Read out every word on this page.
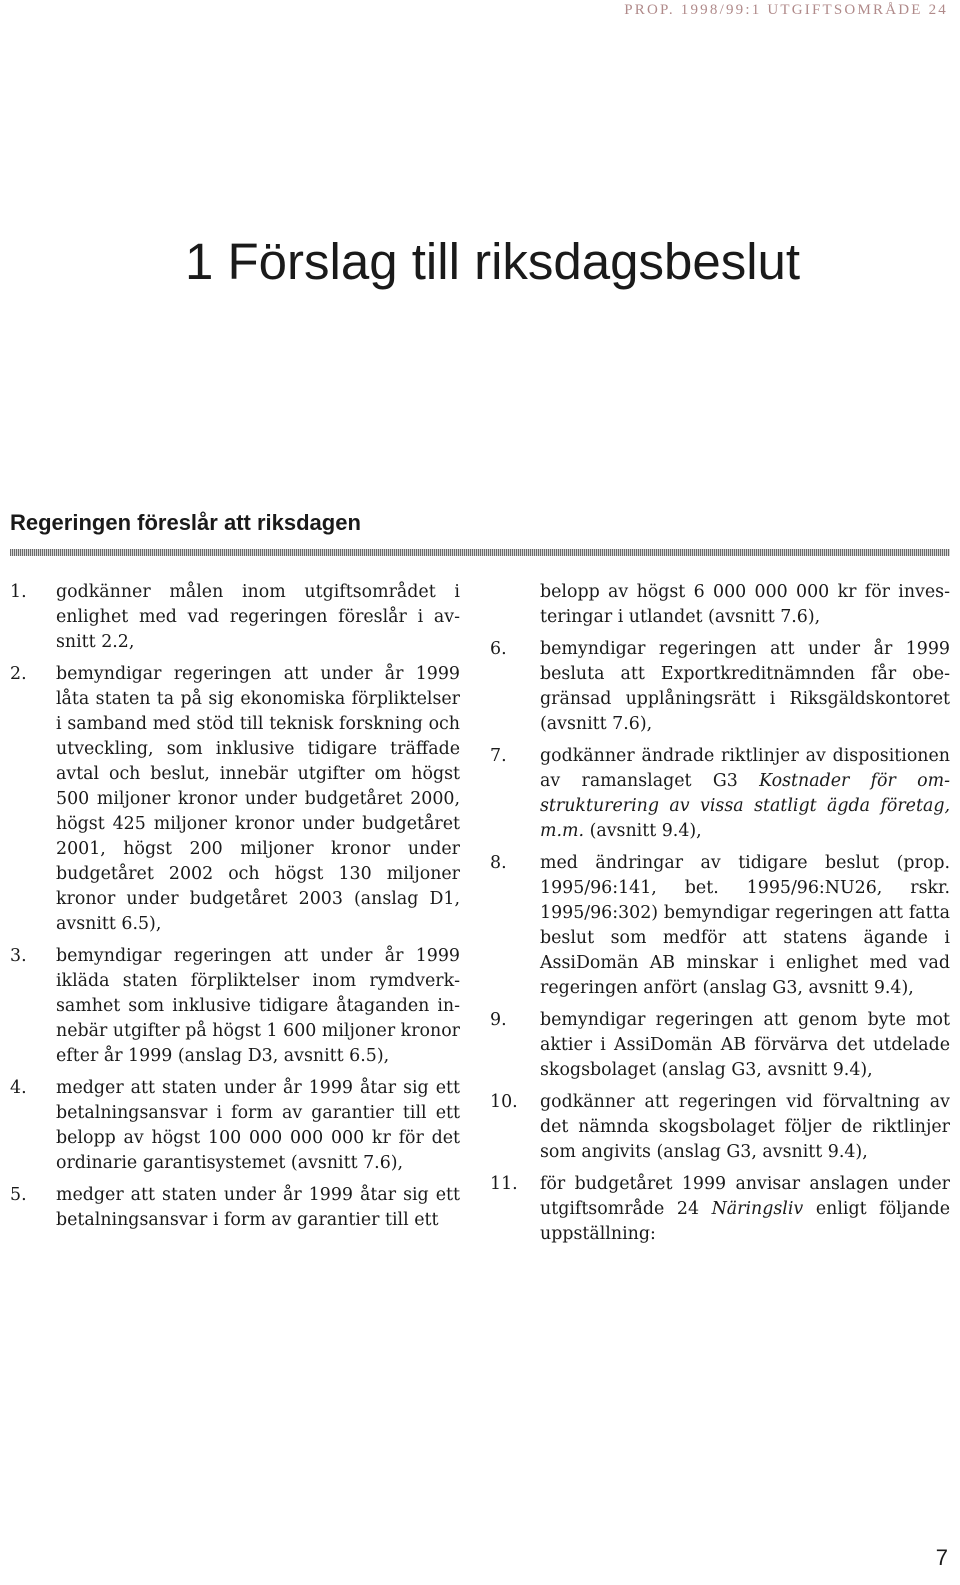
PROP. 1998/99:1 UTGIFTSOMRÅDE 24
1 Förslag till riksdagsbeslut
Regeringen föreslår att riksdagen
1. godkänner målen inom utgiftsområdet i enlighet med vad regeringen föreslår i avsnitt 2.2,
2. bemyndigar regeringen att under år 1999 låta staten ta på sig ekonomiska förpliktelser i samband med stöd till teknisk forskning och utveckling, som inklusive tidigare träffade avtal och beslut, innebär utgifter om högst 500 miljoner kronor under budgetåret 2000, högst 425 miljoner kronor under budgetåret 2001, högst 200 miljoner kronor under budgetåret 2002 och högst 130 miljoner kronor under budgetåret 2003 (anslag D1, avsnitt 6.5),
3. bemyndigar regeringen att under år 1999 ikläda staten förpliktelser inom rymdverksamhet som inklusive tidigare åtaganden innebär utgifter på högst 1 600 miljoner kronor efter år 1999 (anslag D3, avsnitt 6.5),
4. medger att staten under år 1999 åtar sig ett betalningsansvar i form av garantier till ett belopp av högst 100 000 000 000 kr för det ordinarie garantisystemet (avsnitt 7.6),
5. medger att staten under år 1999 åtar sig ett betalningsansvar i form av garantier till ett
belopp av högst 6 000 000 000 kr för investeringar i utlandet (avsnitt 7.6),
6. bemyndigar regeringen att under år 1999 besluta att Exportkreditnämnden får obegränsad upplåningsrätt i Riksgäldskontoret (avsnitt 7.6),
7. godkänner ändrade riktlinjer av dispositionen av ramanslaget G3 Kostnader för omstrukturering av vissa statligt ägda företag, m.m. (avsnitt 9.4),
8. med ändringar av tidigare beslut (prop. 1995/96:141, bet. 1995/96:NU26, rskr. 1995/96:302) bemyndigar regeringen att fatta beslut som medför att statens ägande i AssiDomän AB minskar i enlighet med vad regeringen anfört (anslag G3, avsnitt 9.4),
9. bemyndigar regeringen att genom byte mot aktier i AssiDomän AB förvärva det utdelade skogsbolaget (anslag G3, avsnitt 9.4),
10. godkänner att regeringen vid förvaltning av det nämnda skogsbolaget följer de riktlinjer som angivits (anslag G3, avsnitt 9.4),
11. för budgetåret 1999 anvisar anslagen under utgiftsområde 24 Näringsliv enligt följande uppställning:
7
